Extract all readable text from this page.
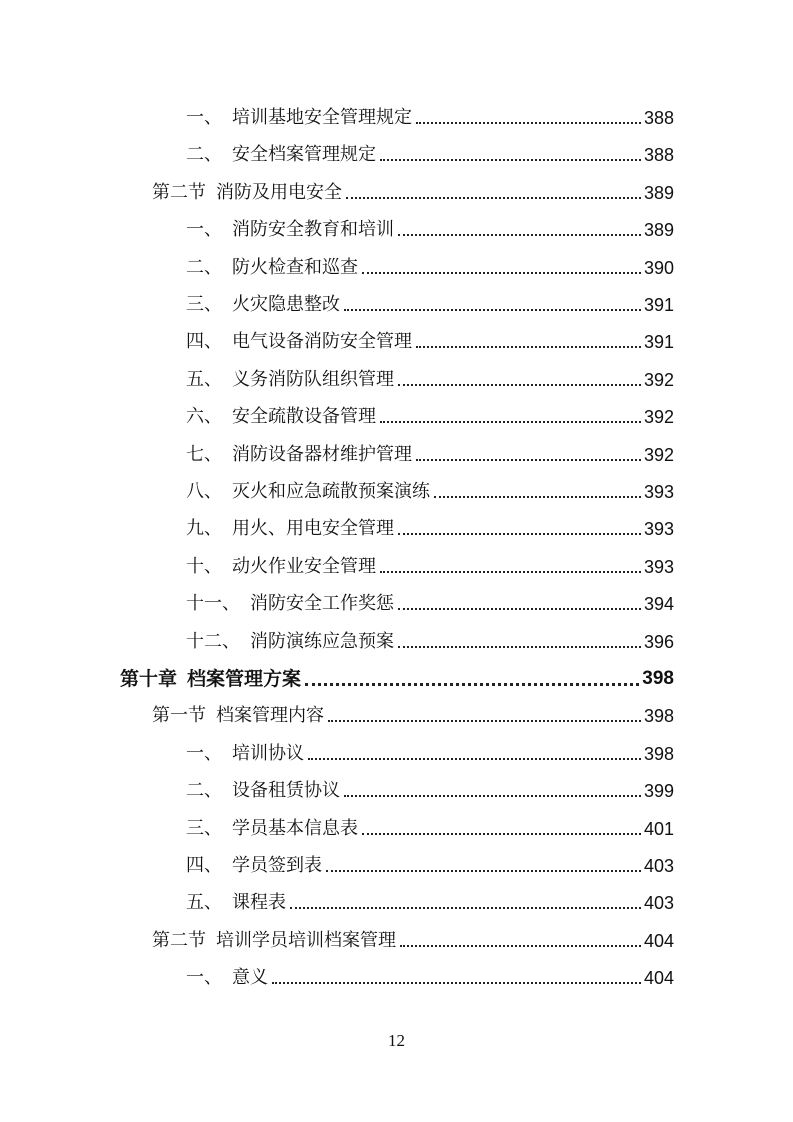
一、 培训基地安全管理规定	388
二、 安全档案管理规定	388
第二节 消防及用电安全	389
一、 消防安全教育和培训	389
二、 防火检查和巡查	390
三、 火灾隐患整改	391
四、 电气设备消防安全管理	391
五、 义务消防队组织管理	392
六、 安全疏散设备管理	392
七、 消防设备器材维护管理	392
八、 灭火和应急疏散预案演练	393
九、 用火、用电安全管理	393
十、 动火作业安全管理	393
十一、 消防安全工作奖惩	394
十二、 消防演练应急预案	396
第十章 档案管理方案	398
第一节 档案管理内容	398
一、 培训协议	398
二、 设备租赁协议	399
三、 学员基本信息表	401
四、 学员签到表	403
五、 课程表	403
第二节 培训学员培训档案管理	404
一、 意义	404
12
